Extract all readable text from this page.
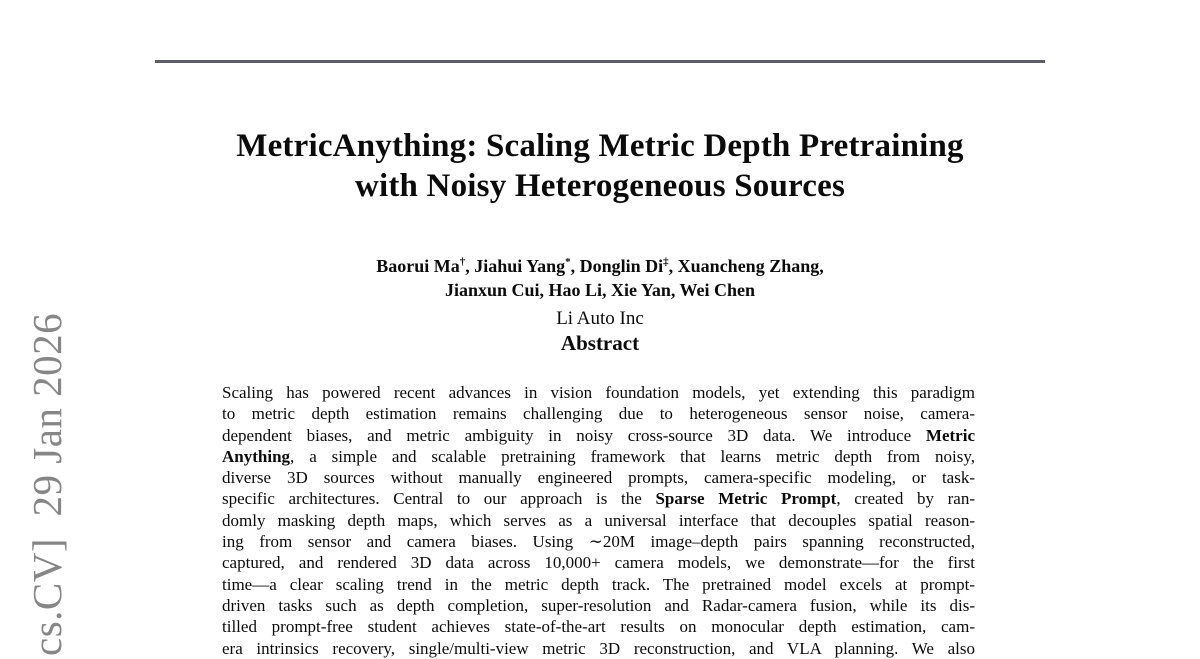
MetricAnything: Scaling Metric Depth Pretraining
with Noisy Heterogeneous Sources
Baorui Ma†, Jiahui Yang*, Donglin Di‡, Xuancheng Zhang,
Jianxun Cui, Hao Li, Xie Yan, Wei Chen
Li Auto Inc
Abstract
Scaling has powered recent advances in vision foundation models, yet extending this paradigm
to metric depth estimation remains challenging due to heterogeneous sensor noise, camera-
dependent biases, and metric ambiguity in noisy cross-source 3D data. We introduce Metric
Anything, a simple and scalable pretraining framework that learns metric depth from noisy,
diverse 3D sources without manually engineered prompts, camera-specific modeling, or task-
specific architectures. Central to our approach is the Sparse Metric Prompt, created by ran-
domly masking depth maps, which serves as a universal interface that decouples spatial reason-
ing from sensor and camera biases. Using ∼20M image–depth pairs spanning reconstructed,
captured, and rendered 3D data across 10,000+ camera models, we demonstrate—for the first
time—a clear scaling trend in the metric depth track. The pretrained model excels at prompt-
driven tasks such as depth completion, super-resolution and Radar-camera fusion, while its dis-
tilled prompt-free student achieves state-of-the-art results on monocular depth estimation, cam-
era intrinsics recovery, single/multi-view metric 3D reconstruction, and VLA planning. We also
cs.CV]  29 Jan 2026
